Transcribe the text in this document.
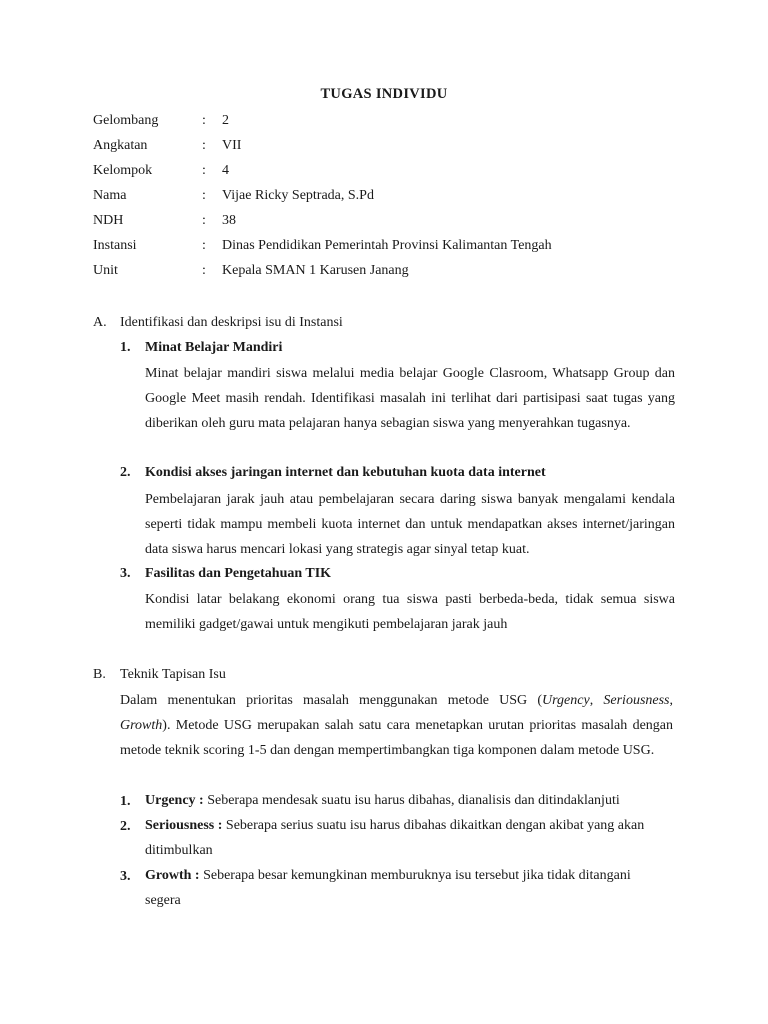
TUGAS INDIVIDU
Gelombang	: 2
Angkatan	: VII
Kelompok	: 4
Nama	: Vijae Ricky Septrada, S.Pd
NDH	: 38
Instansi	: Dinas Pendidikan Pemerintah Provinsi Kalimantan Tengah
Unit	: Kepala SMAN 1 Karusen Janang
A. Identifikasi dan deskripsi isu di Instansi
1. Minat Belajar Mandiri
Minat belajar mandiri siswa melalui media belajar Google Clasroom, Whatsapp Group dan Google Meet masih rendah. Identifikasi masalah ini terlihat dari partisipasi saat tugas yang diberikan oleh guru mata pelajaran hanya sebagian siswa yang menyerahkan tugasnya.
2. Kondisi akses jaringan internet dan kebutuhan kuota data internet
Pembelajaran jarak jauh atau pembelajaran secara daring siswa banyak mengalami kendala seperti tidak mampu membeli kuota internet dan untuk mendapatkan akses internet/jaringan data siswa harus mencari lokasi yang strategis agar sinyal tetap kuat.
3. Fasilitas dan Pengetahuan TIK
Kondisi latar belakang ekonomi orang tua siswa pasti berbeda-beda, tidak semua siswa memiliki gadget/gawai untuk mengikuti pembelajaran jarak jauh
B. Teknik Tapisan Isu
Dalam menentukan prioritas masalah menggunakan metode USG (Urgency, Seriousness, Growth). Metode USG merupakan salah satu cara menetapkan urutan prioritas masalah dengan metode teknik scoring 1-5 dan dengan mempertimbangkan tiga komponen dalam metode USG.
1. Urgency : Seberapa mendesak suatu isu harus dibahas, dianalisis dan ditindaklanjuti
2. Seriousness : Seberapa serius suatu isu harus dibahas dikaitkan dengan akibat yang akan ditimbulkan
3. Growth : Seberapa besar kemungkinan memburuknya isu tersebut jika tidak ditangani segera
